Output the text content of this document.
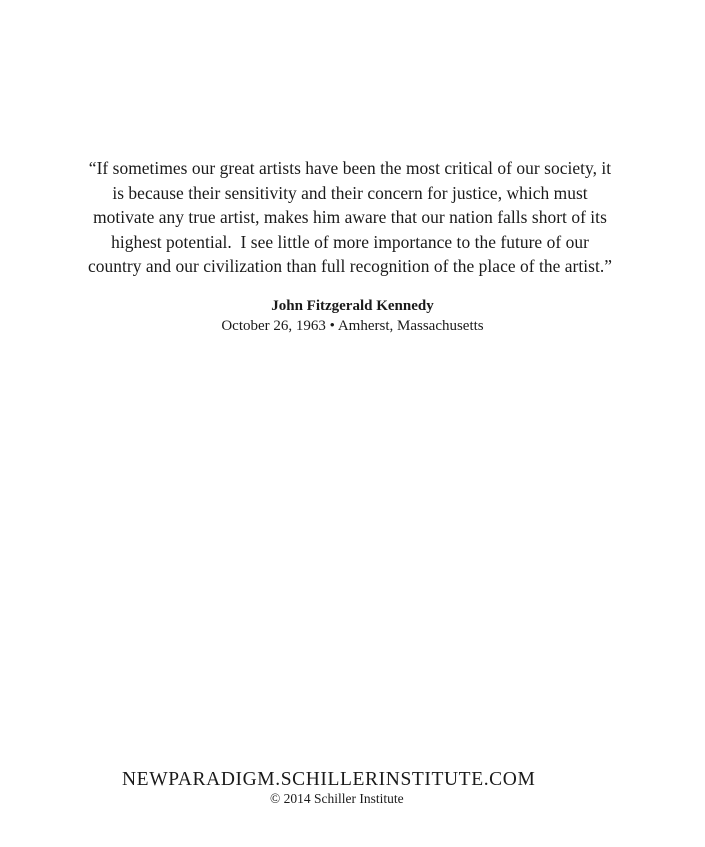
“If sometimes our great artists have been the most critical of our society, it
is because their sensitivity and their concern for justice, which must
motivate any true artist, makes him aware that our nation falls short of its
highest potential.  I see little of more importance to the future of our
country and our civilization than full recognition of the place of the artist.”
John Fitzgerald Kennedy
October 26, 1963 • Amherst, Massachusetts
NEWPARADIGM.SCHILLERINSTITUTE.COM
© 2014 Schiller Institute
